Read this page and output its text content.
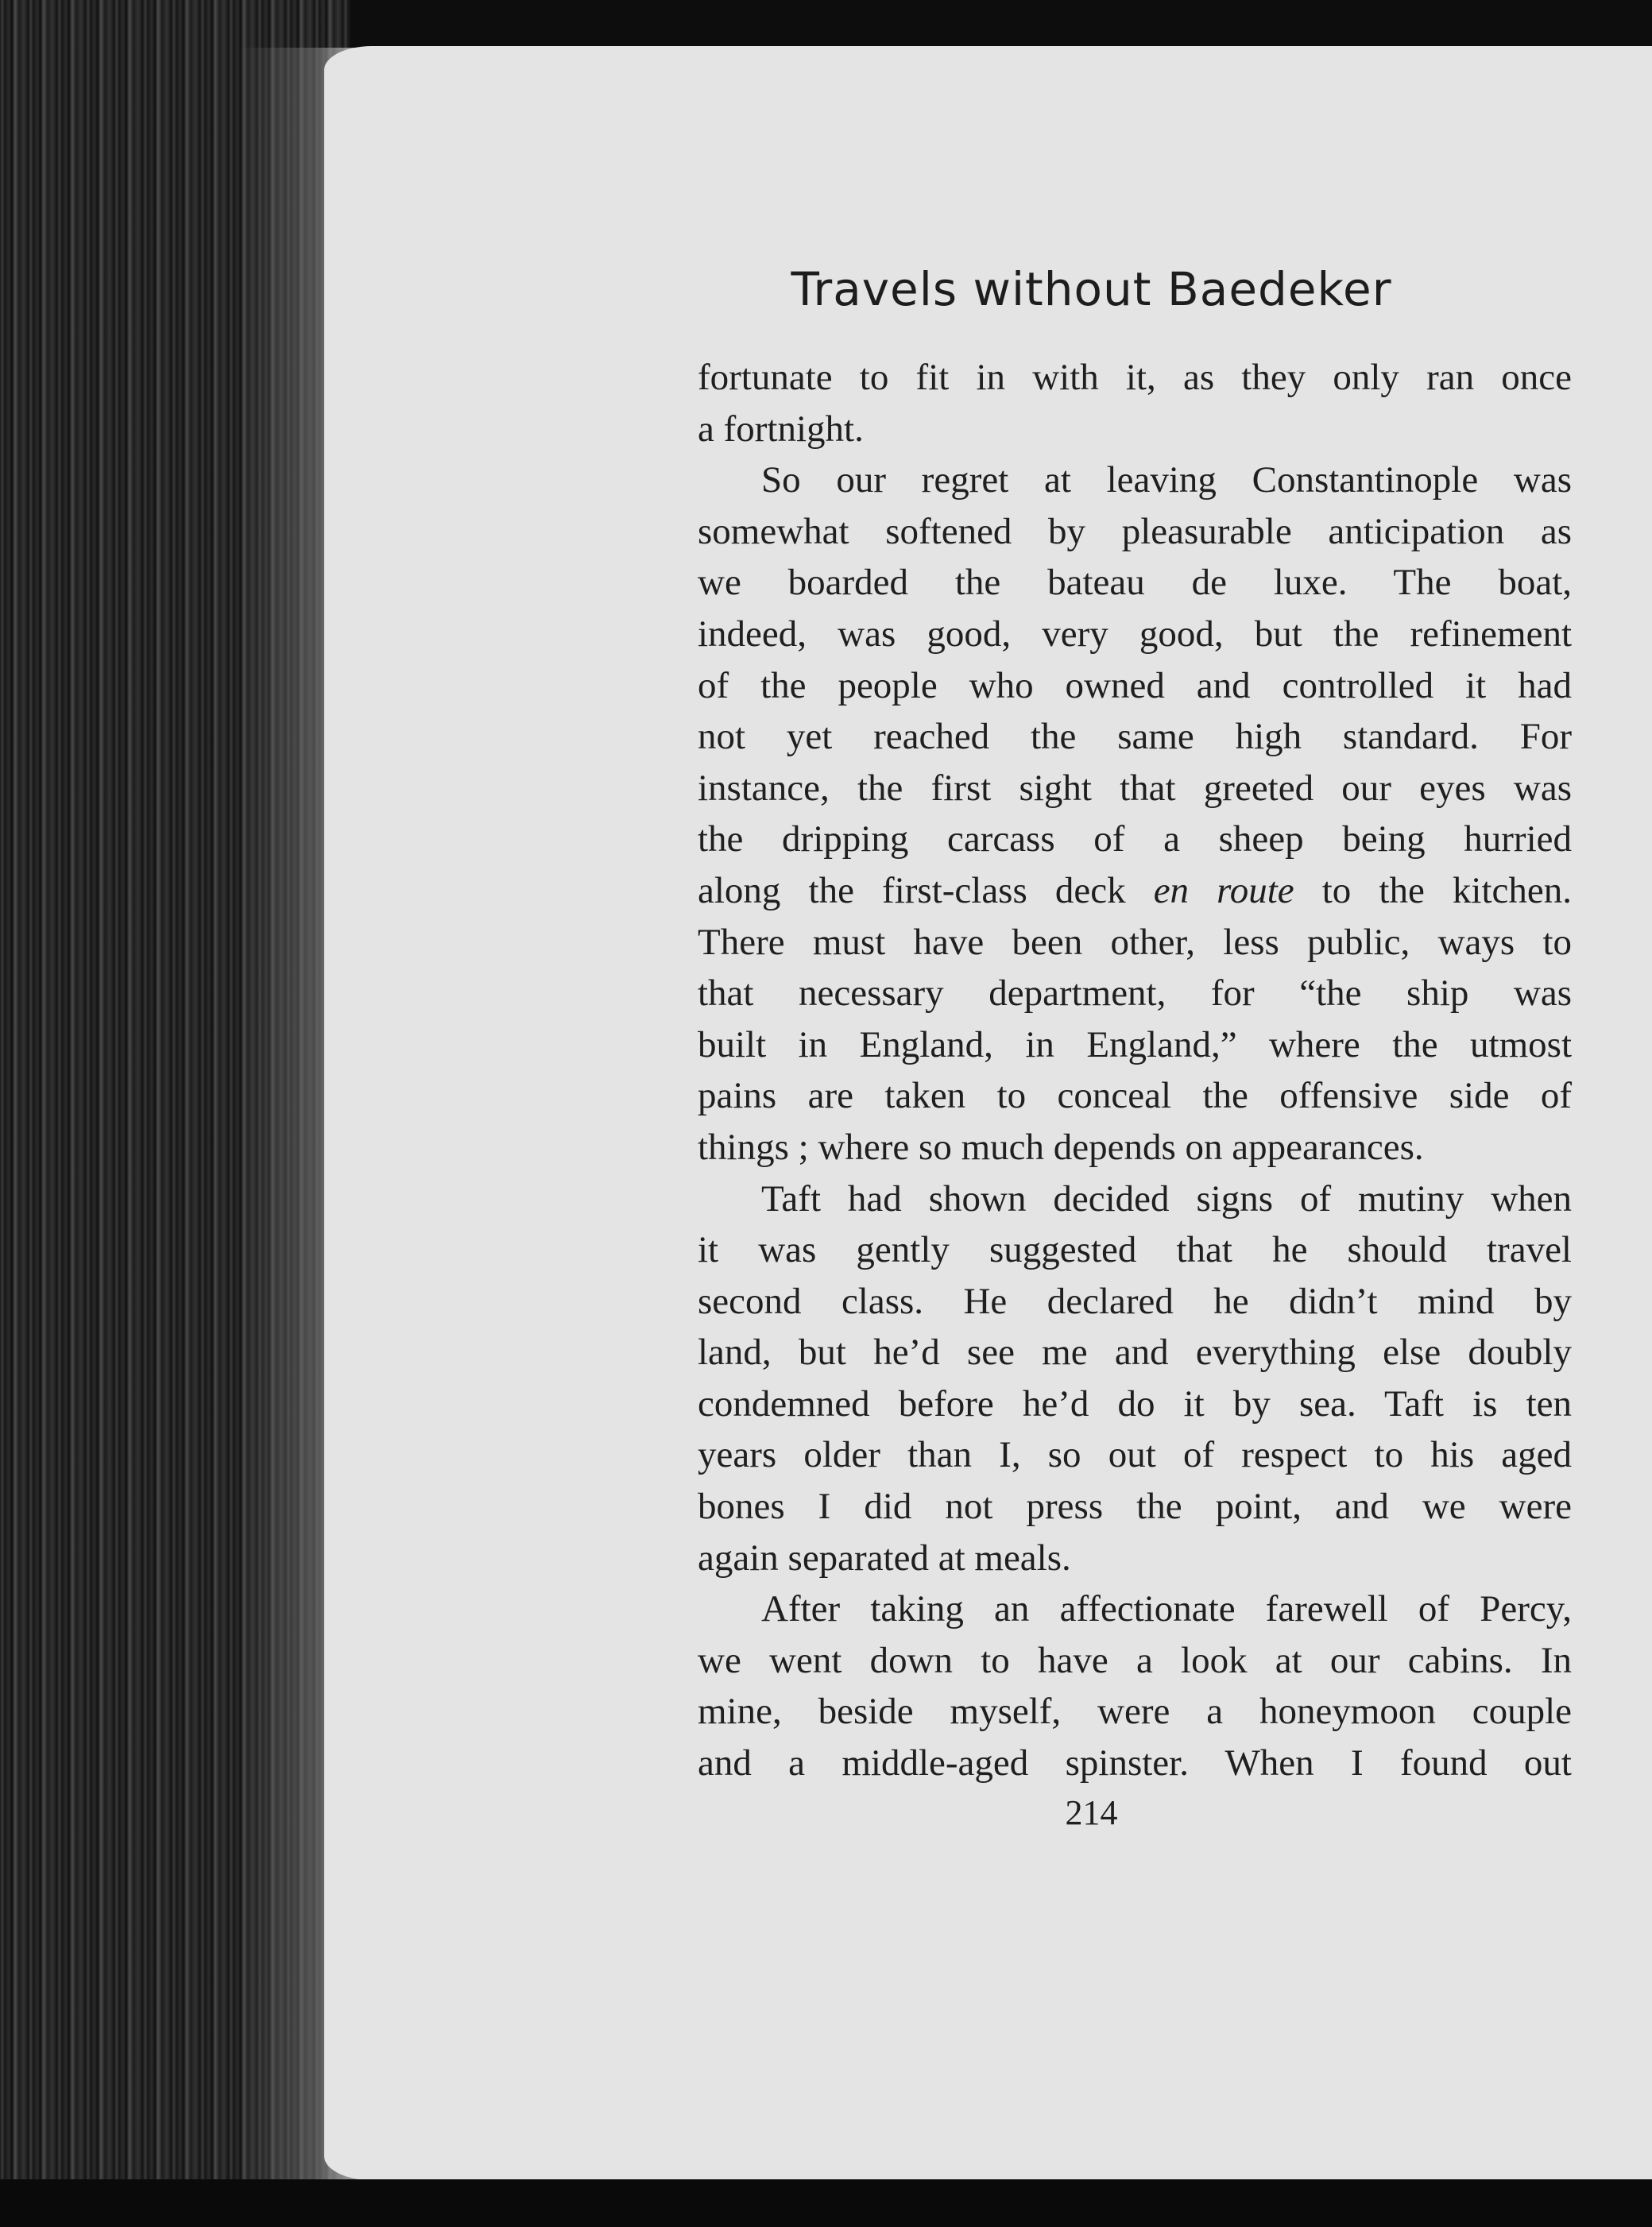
Travels without Baedeker
fortunate to fit in with it, as they only ran once
a fortnight.
So our regret at leaving Constantinople was
somewhat softened by pleasurable anticipation as
we boarded the bateau de luxe. The boat,
indeed, was good, very good, but the refinement
of the people who owned and controlled it had
not yet reached the same high standard. For
instance, the first sight that greeted our eyes was
the dripping carcass of a sheep being hurried
along the first-class deck en route to the kitchen.
There must have been other, less public, ways to
that necessary department, for “the ship was
built in England, in England,” where the utmost
pains are taken to conceal the offensive side of
things ; where so much depends on appearances.
Taft had shown decided signs of mutiny when
it was gently suggested that he should travel
second class. He declared he didn’t mind by
land, but he’d see me and everything else doubly
condemned before he’d do it by sea. Taft is ten
years older than I, so out of respect to his aged
bones I did not press the point, and we were
again separated at meals.
After taking an affectionate farewell of Percy,
we went down to have a look at our cabins. In
mine, beside myself, were a honeymoon couple
and a middle-aged spinster. When I found out
214
